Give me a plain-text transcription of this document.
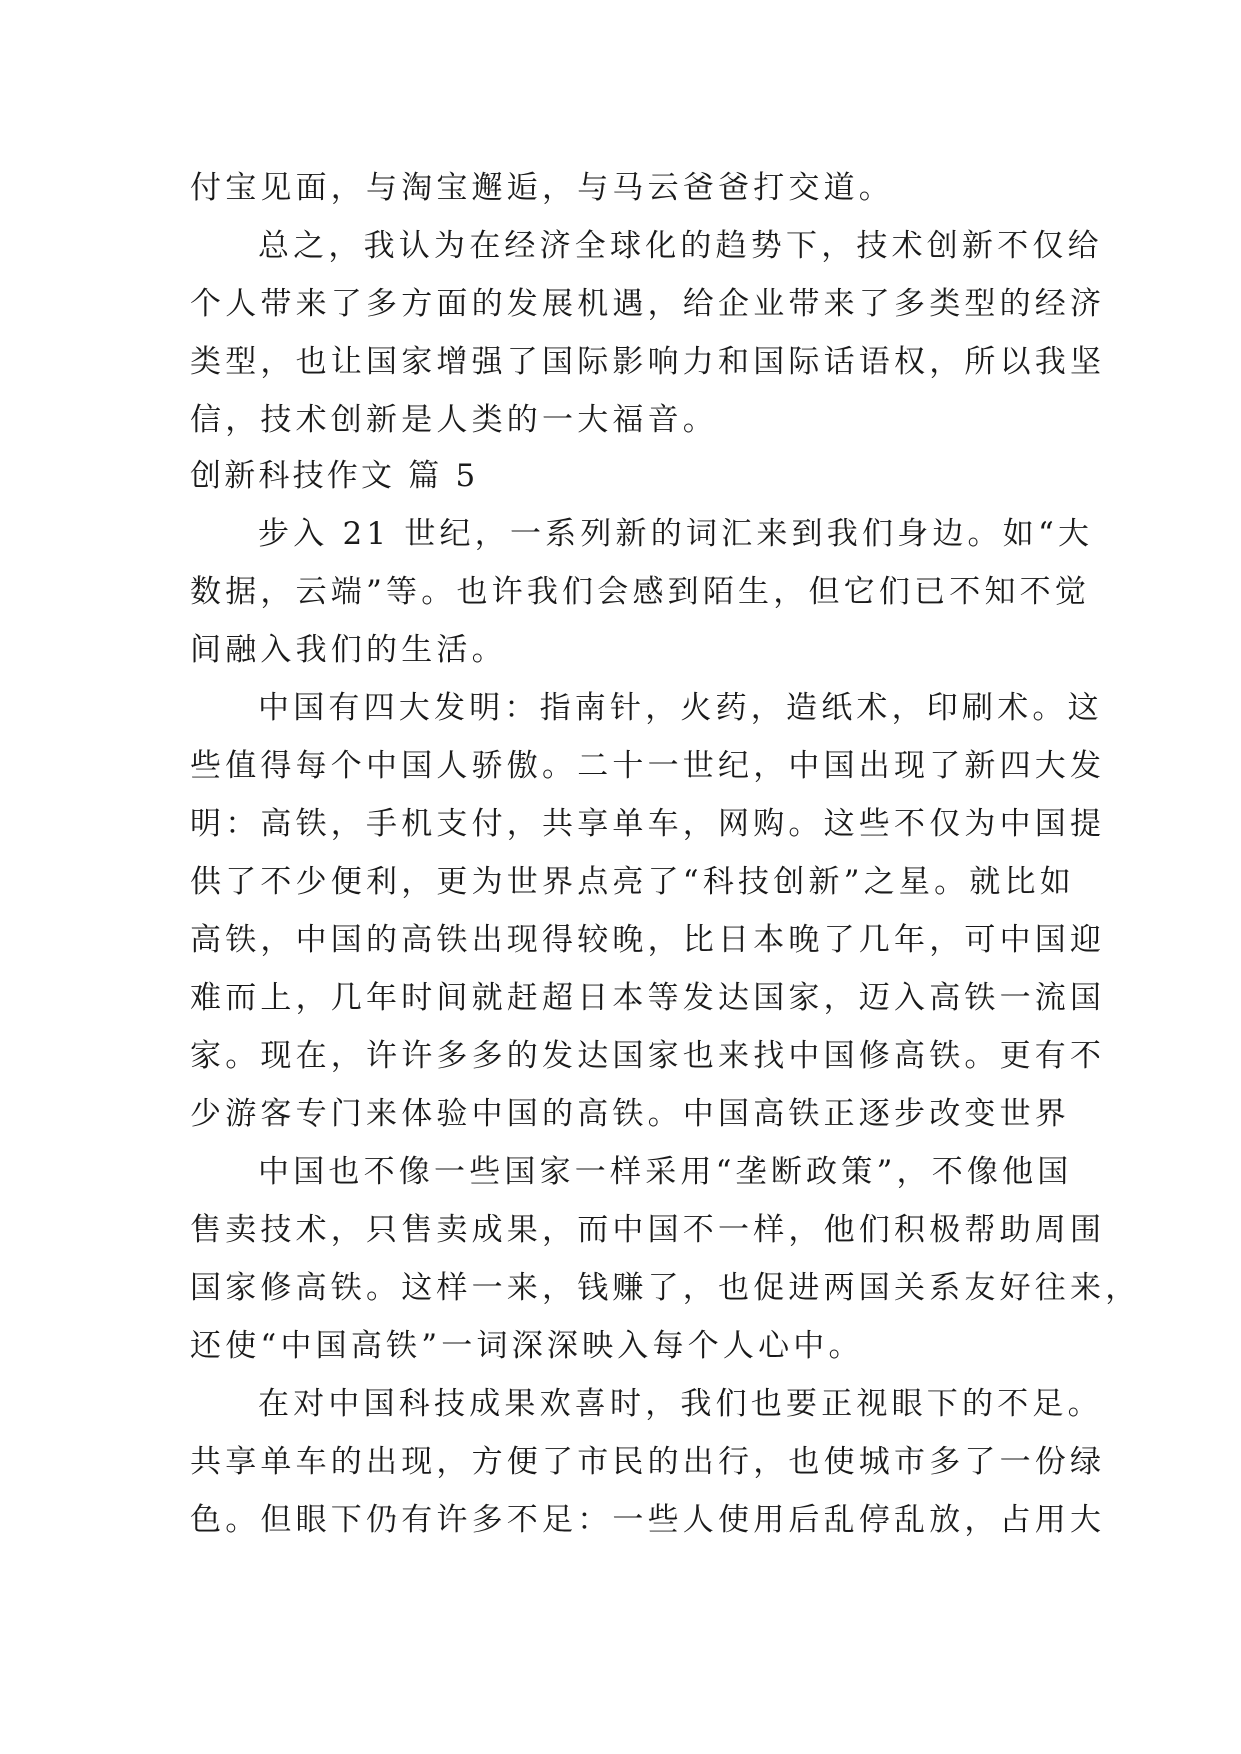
付宝见面，与淘宝邂逅，与马云爸爸打交道。
总之，我认为在经济全球化的趋势下，技术创新不仅给
个人带来了多方面的发展机遇，给企业带来了多类型的经济
类型，也让国家增强了国际影响力和国际话语权，所以我坚
信，技术创新是人类的一大福音。
创新科技作文 篇 5
步入 21 世纪，一系列新的词汇来到我们身边。如“大
数据，云端”等。也许我们会感到陌生，但它们已不知不觉
间融入我们的生活。
中国有四大发明：指南针，火药，造纸术，印刷术。这
些值得每个中国人骄傲。二十一世纪，中国出现了新四大发
明：高铁，手机支付，共享单车，网购。这些不仅为中国提
供了不少便利，更为世界点亮了“科技创新”之星。就比如
高铁，中国的高铁出现得较晚，比日本晚了几年，可中国迎
难而上，几年时间就赶超日本等发达国家，迈入高铁一流国
家。现在，许许多多的发达国家也来找中国修高铁。更有不
少游客专门来体验中国的高铁。中国高铁正逐步改变世界
中国也不像一些国家一样采用“垄断政策”，不像他国
售卖技术，只售卖成果，而中国不一样，他们积极帮助周围
国家修高铁。这样一来，钱赚了，也促进两国关系友好往来，
还使“中国高铁”一词深深映入每个人心中。
在对中国科技成果欢喜时，我们也要正视眼下的不足。
共享单车的出现，方便了市民的出行，也使城市多了一份绿
色。但眼下仍有许多不足：一些人使用后乱停乱放，占用大
